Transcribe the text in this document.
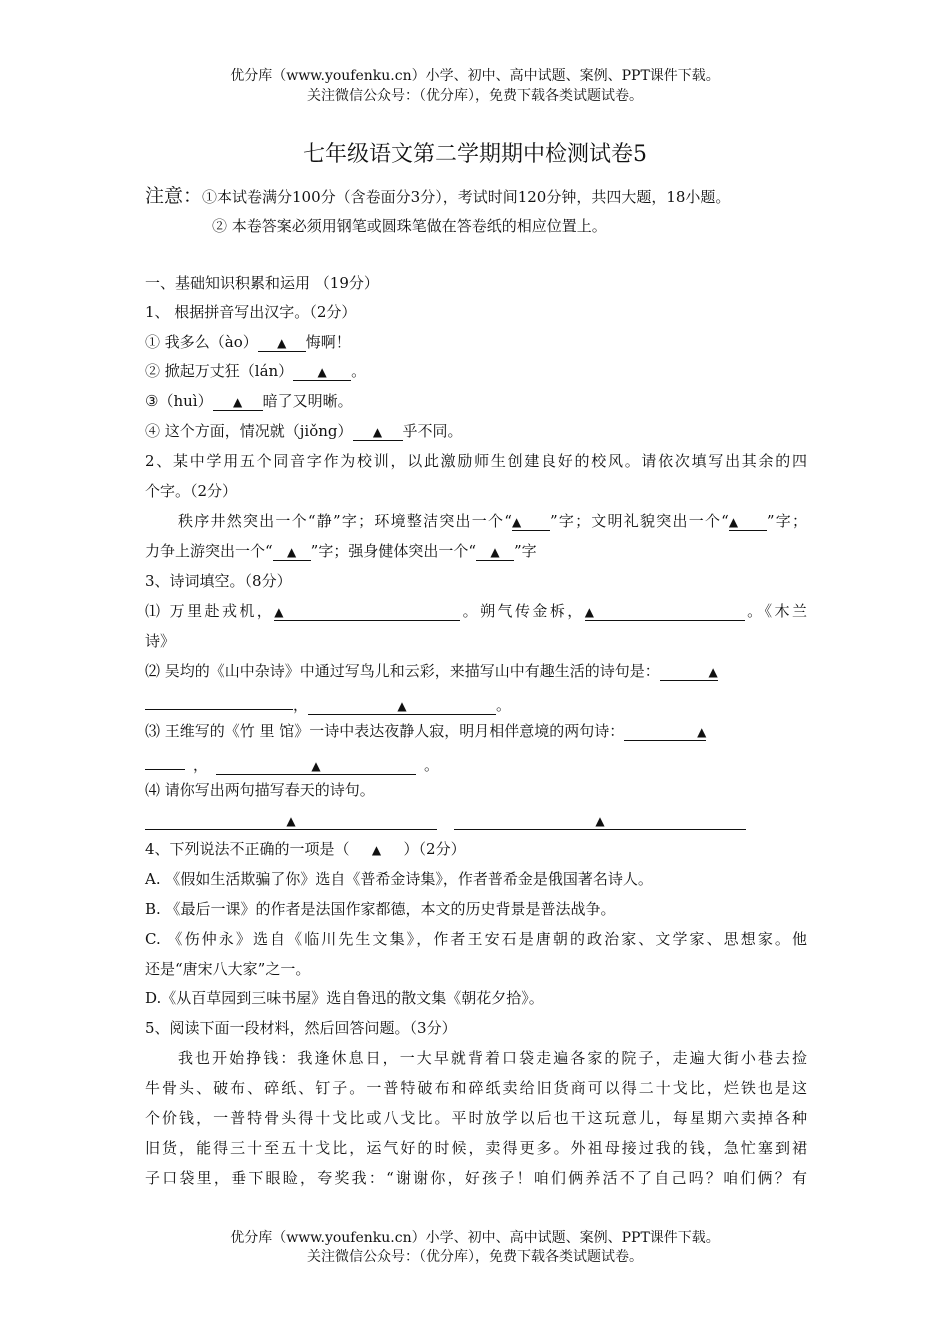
优分库（www.youfenku.cn）小学、初中、高中试题、案例、PPT课件下载。
关注微信公众号：（优分库），免费下载各类试题试卷。
七年级语文第二学期期中检测试卷5
注意：①本试卷满分100分（含卷面分3分），考试时间120分钟，共四大题，18小题。
② 本卷答案必须用钢笔或圆珠笔做在答卷纸的相应位置上。
一、基础知识积累和运用 （19分）
1、 根据拼音写出汉字。（2分）
① 我多么（ào） ▲ 悔啊！
② 掀起万丈狂（lán） ▲ 。
③（huì） ▲ 暗了又明晰。
④ 这个方面，情况就（jiǒng） ▲ 乎不同。
2、某中学用五个同音字作为校训，以此激励师生创建良好的校风。请依次填写出其余的四
个字。（2分）
秩序井然突出一个“静”字；环境整洁突出一个“▲ ”字；文明礼貌突出一个“▲ ”字；
力争上游突出一个“ ▲ ”字；强身健体突出一个“ ▲ ”字
3、诗词填空。（8分）
⑴ 万里赴戎机，▲	。朔气传金柝，▲	。《木兰
诗》
⑵ 吴均的《山中杂诗》中通过写鸟儿和云彩，来描写山中有趣生活的诗句是：	▲
，	▲	。
⑶ 王维写的《竹 里 馆》一诗中表达夜静人寂，明月相伴意境的两句诗：	▲
，	▲	。
⑷ 请你写出两句描写春天的诗句。
▲	▲
4、下列说法不正确的一项是（ ▲ ）（2分）
A. 《假如生活欺骗了你》选自《普希金诗集》，作者普希金是俄国著名诗人。
B. 《最后一课》的作者是法国作家都德，本文的历史背景是普法战争。
C. 《伤仲永》选自《临川先生文集》，作者王安石是唐朝的政治家、文学家、思想家。他
还是“唐宋八大家”之一。
D.《从百草园到三味书屋》选自鲁迅的散文集《朝花夕拾》。
5、阅读下面一段材料，然后回答问题。（3分）
我也开始挣钱：我逢休息日，一大早就背着口袋走遍各家的院子，走遍大街小巷去捡
牛骨头、破布、碎纸、钉子。一普特破布和碎纸卖给旧货商可以得二十戈比，烂铁也是这
个价钱，一普特骨头得十戈比或八戈比。平时放学以后也干这玩意儿，每星期六卖掉各种
旧货，能得三十至五十戈比，运气好的时候，卖得更多。外祖母接过我的钱，急忙塞到裙
子口袋里，垂下眼睑，夸奖我：“谢谢你，好孩子！咱们俩养活不了自己吗？咱们俩？有
优分库（www.youfenku.cn）小学、初中、高中试题、案例、PPT课件下载。
关注微信公众号：（优分库），免费下载各类试题试卷。
